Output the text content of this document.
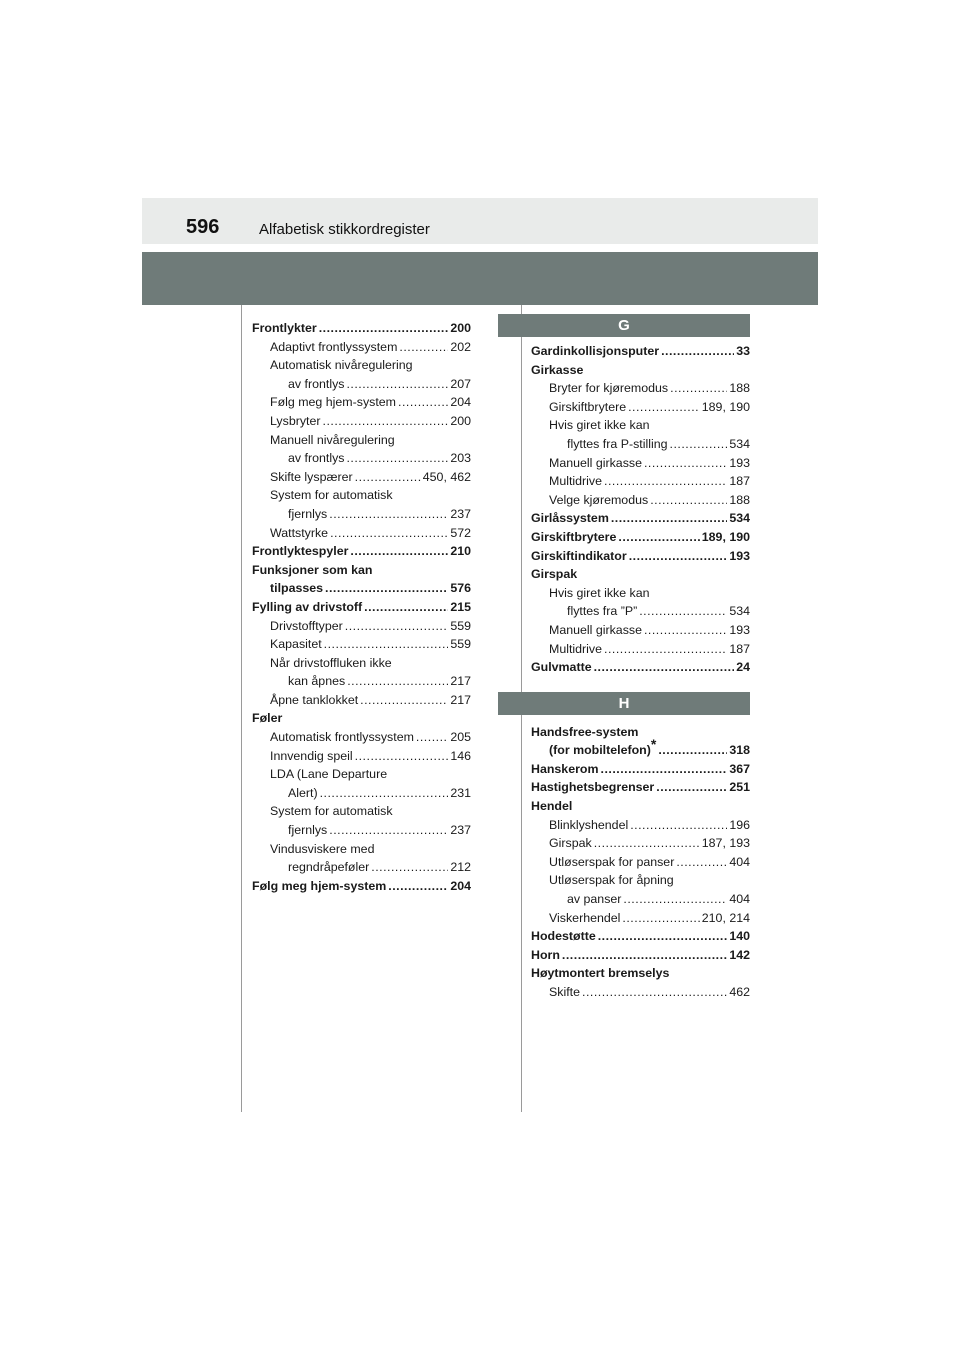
596	Alfabetisk stikkordregister
G
H
Frontlykter .....	200
Adaptivt frontlyssystem .....	202
Automatisk nivåregulering
av frontlys .....	207
Følg meg hjem-system .....	204
Lysbryter .....	200
Manuell nivåregulering
av frontlys .....	203
Skifte lyspærer .....	450, 462
System for automatisk
fjernlys .....	237
Wattstyrke .....	572
Frontlyktespyler .....	210
Funksjoner som kan
tilpasses .....	576
Fylling av drivstoff .....	215
Drivstofftyper .....	559
Kapasitet .....	559
Når drivstoffluken ikke
kan åpnes .....	217
Åpne tanklokket .....	217
Føler
Automatisk frontlyssystem .....	205
Innvendig speil .....	146
LDA (Lane Departure
Alert) .....	231
System for automatisk
fjernlys .....	237
Vindusviskere med
regndråpeføler .....	212
Følg meg hjem-system .....	204
Gardinkollisjonsputer .....	33
Girkasse
Bryter for kjøremodus .....	188
Girskiftbrytere .....	189, 190
Hvis giret ikke kan
flyttes fra P-stilling .....	534
Manuell girkasse .....	193
Multidrive .....	187
Velge kjøremodus .....	188
Girlåssystem .....	534
Girskiftbrytere .....	189, 190
Girskiftindikator .....	193
Girspak
Hvis giret ikke kan
flyttes fra ”P” .....	534
Manuell girkasse .....	193
Multidrive .....	187
Gulvmatte .....	24
Handsfree-system
(for mobiltelefon)* .....	318
Hanskerom .....	367
Hastighetsbegrenser .....	251
Hendel
Blinklyshendel .....	196
Girspak .....	187, 193
Utløserspak for panser .....	404
Utløserspak for åpning
av panser .....	404
Viskerhendel .....	210, 214
Hodestøtte .....	140
Horn .....	142
Høytmontert bremselys
Skifte .....	462
